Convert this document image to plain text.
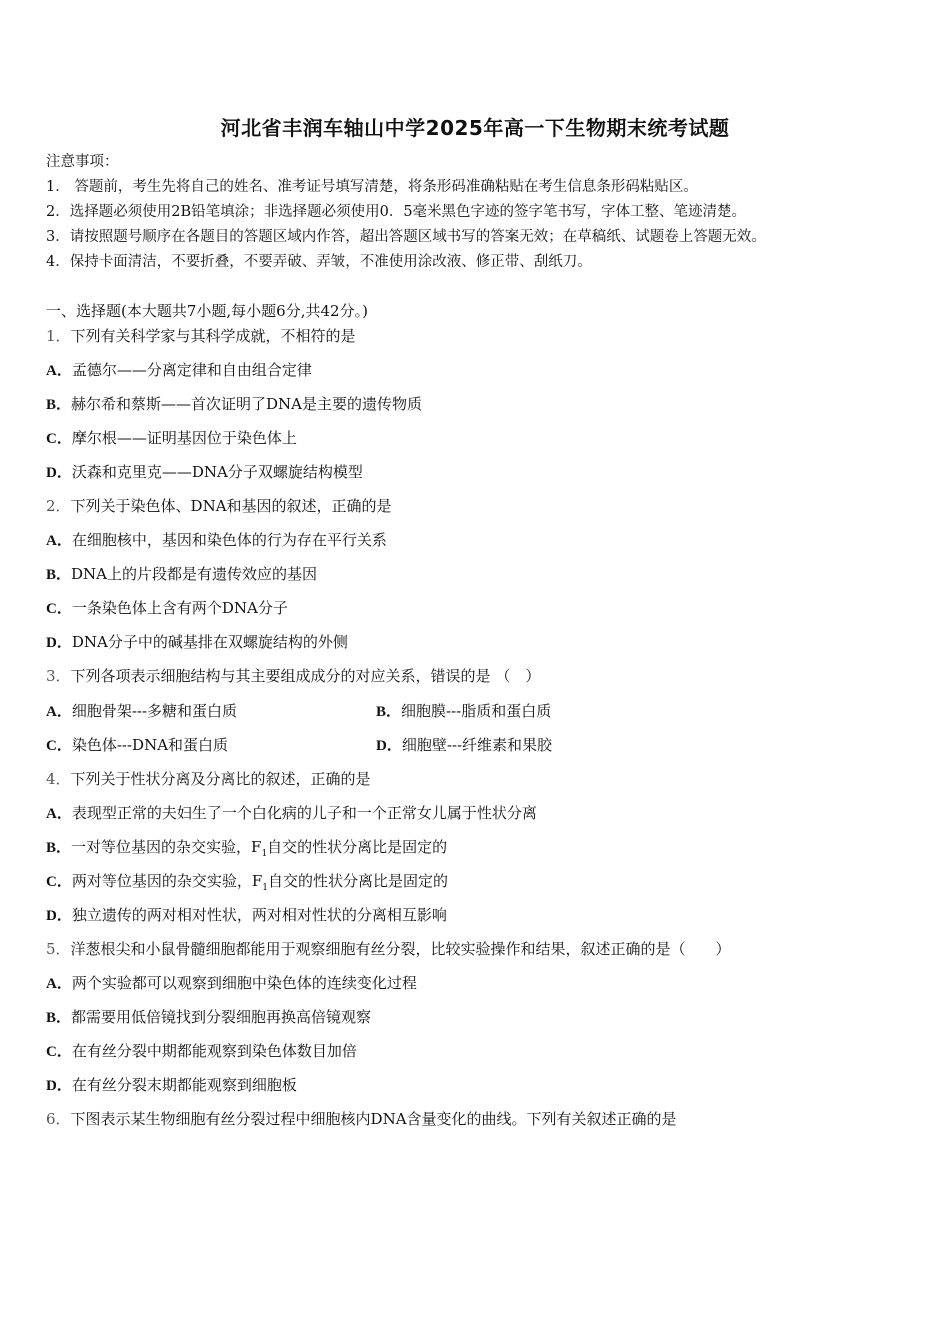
河北省丰润车轴山中学2025年高一下生物期末统考试题
注意事项：
1． 答题前，考生先将自己的姓名、准考证号填写清楚，将条形码准确粘贴在考生信息条形码粘贴区。
2．选择题必须使用2B铅笔填涂；非选择题必须使用0．5毫米黑色字迹的签字笔书写，字体工整、笔迹清楚。
3．请按照题号顺序在各题目的答题区域内作答，超出答题区域书写的答案无效；在草稿纸、试题卷上答题无效。
4．保持卡面清洁，不要折叠，不要弄破、弄皱，不准使用涂改液、修正带、刮纸刀。
一、选择题(本大题共7小题,每小题6分,共42分。)
1．下列有关科学家与其科学成就，不相符的是
A．孟德尔——分离定律和自由组合定律
B．赫尔希和蔡斯——首次证明了DNA是主要的遗传物质
C．摩尔根——证明基因位于染色体上
D．沃森和克里克——DNA分子双螺旋结构模型
2．下列关于染色体、DNA和基因的叙述，正确的是
A．在细胞核中，基因和染色体的行为存在平行关系
B．DNA上的片段都是有遗传效应的基因
C．一条染色体上含有两个DNA分子
D．DNA分子中的碱基排在双螺旋结构的外侧
3．下列各项表示细胞结构与其主要组成成分的对应关系，错误的是 （　）
A．细胞骨架---多糖和蛋白质	B．细胞膜---脂质和蛋白质
C．染色体---DNA和蛋白质	D．细胞壁---纤维素和果胶
4．下列关于性状分离及分离比的叙述，正确的是
A．表现型正常的夫妇生了一个白化病的儿子和一个正常女儿属于性状分离
B．一对等位基因的杂交实验，$F_1$自交的性状分离比是固定的
C．两对等位基因的杂交实验，$F_1$自交的性状分离比是固定的
D．独立遗传的两对相对性状，两对相对性状的分离相互影响
5．洋葱根尖和小鼠骨髓细胞都能用于观察细胞有丝分裂，比较实验操作和结果，叙述正确的是（　　）
A．两个实验都可以观察到细胞中染色体的连续变化过程
B．都需要用低倍镜找到分裂细胞再换高倍镜观察
C．在有丝分裂中期都能观察到染色体数目加倍
D．在有丝分裂末期都能观察到细胞板
6．下图表示某生物细胞有丝分裂过程中细胞核内DNA含量变化的曲线。下列有关叙述正确的是
